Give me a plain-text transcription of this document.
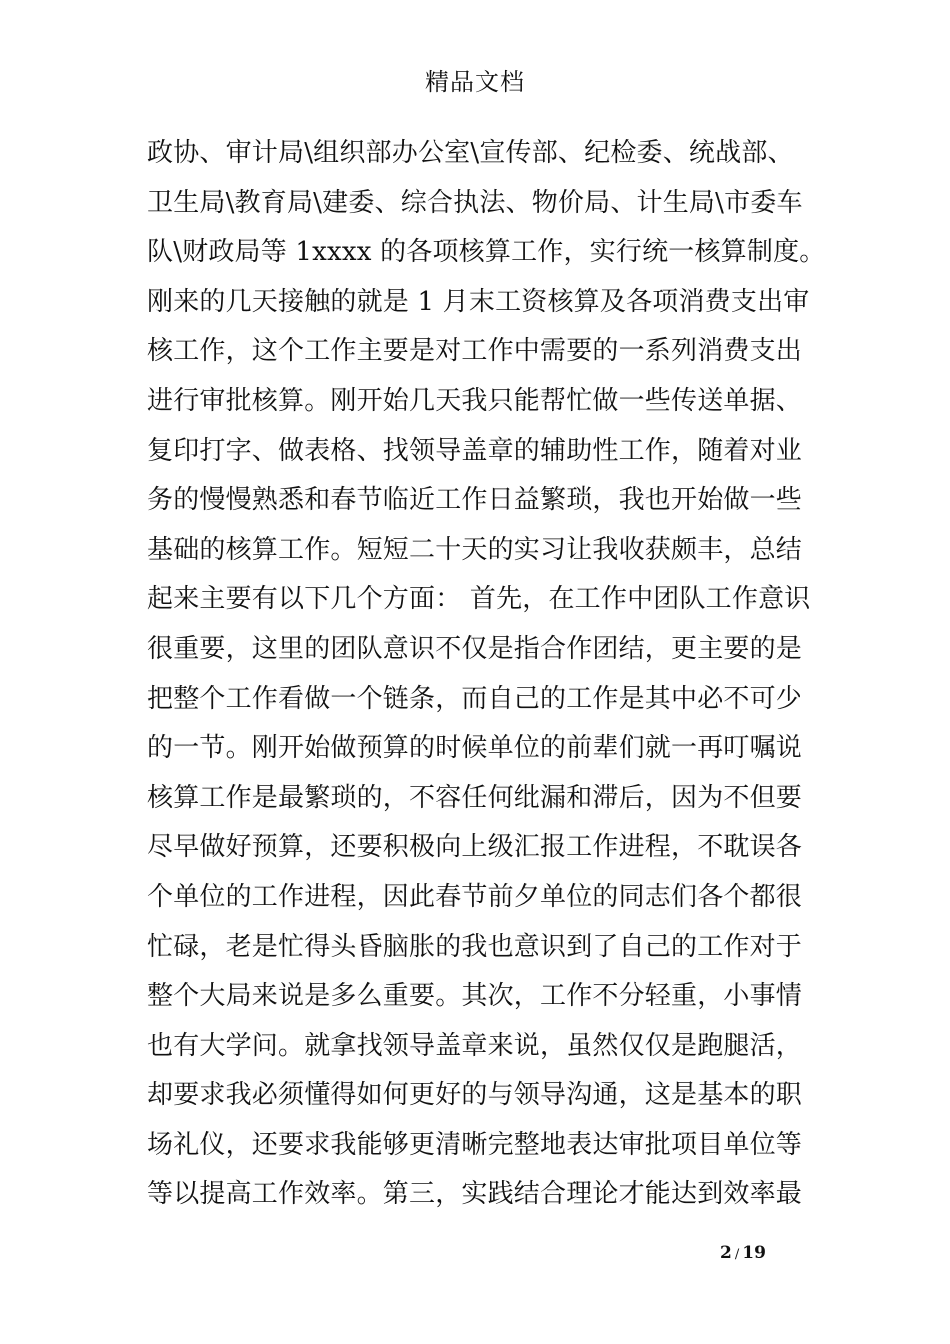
精品文档
政协、审计局\组织部办公室\宣传部、纪检委、统战部、
卫生局\教育局\建委、综合执法、物价局、计生局\市委车
队\财政局等 1xxxx 的各项核算工作，实行统一核算制度。
刚来的几天接触的就是 1 月末工资核算及各项消费支出审
核工作，这个工作主要是对工作中需要的一系列消费支出
进行审批核算。刚开始几天我只能帮忙做一些传送单据、
复印打字、做表格、找领导盖章的辅助性工作，随着对业
务的慢慢熟悉和春节临近工作日益繁琐，我也开始做一些
基础的核算工作。短短二十天的实习让我收获颇丰，总结
起来主要有以下几个方面： 首先，在工作中团队工作意识
很重要，这里的团队意识不仅是指合作团结，更主要的是
把整个工作看做一个链条，而自己的工作是其中必不可少
的一节。刚开始做预算的时候单位的前辈们就一再叮嘱说
核算工作是最繁琐的，不容任何纰漏和滞后，因为不但要
尽早做好预算，还要积极向上级汇报工作进程，不耽误各
个单位的工作进程，因此春节前夕单位的同志们各个都很
忙碌，老是忙得头昏脑胀的我也意识到了自己的工作对于
整个大局来说是多么重要。其次，工作不分轻重，小事情
也有大学问。就拿找领导盖章来说，虽然仅仅是跑腿活，
却要求我必须懂得如何更好的与领导沟通，这是基本的职
场礼仪，还要求我能够更清晰完整地表达审批项目单位等
等以提高工作效率。第三，实践结合理论才能达到效率最
2 / 19
